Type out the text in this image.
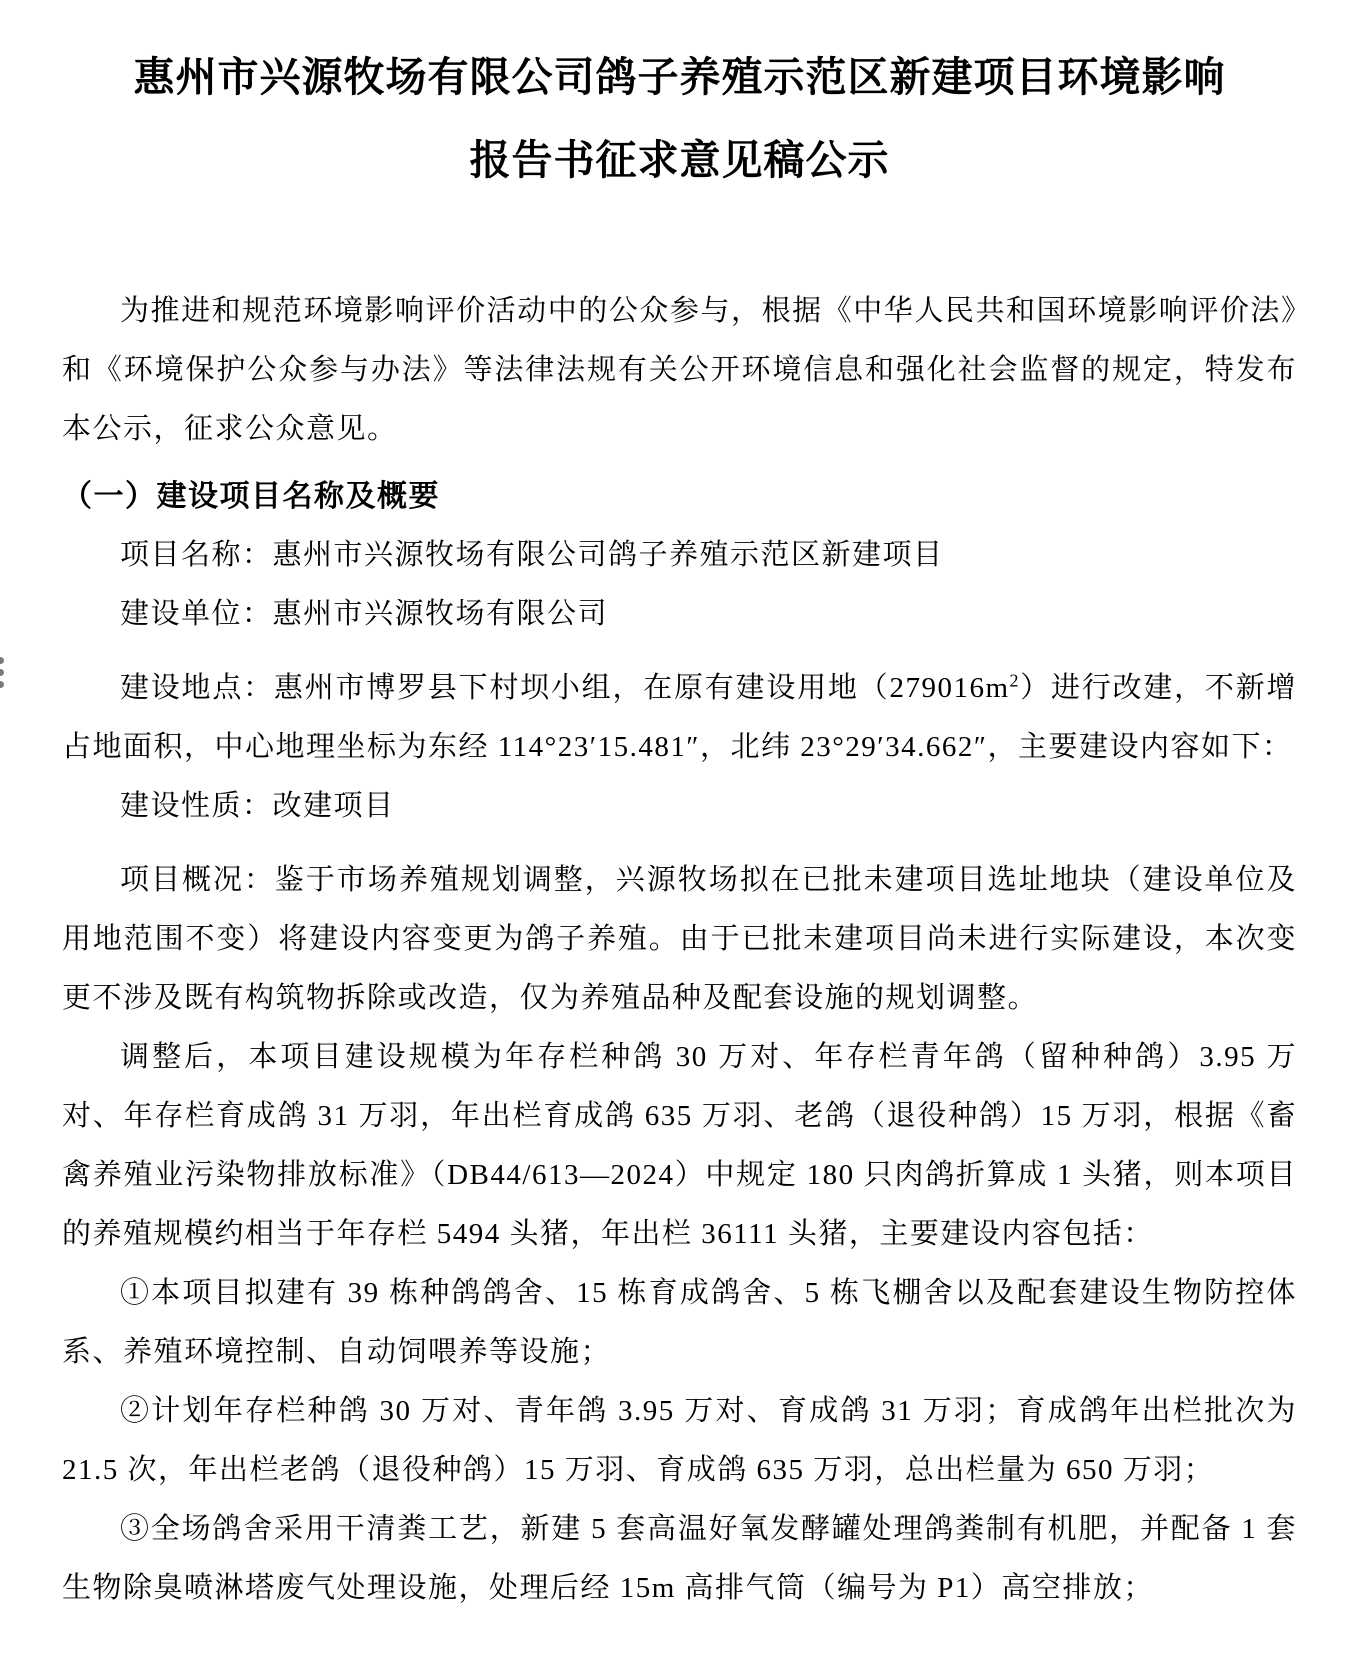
惠州市兴源牧场有限公司鸽子养殖示范区新建项目环境影响
报告书征求意见稿公示

为推进和规范环境影响评价活动中的公众参与，根据《中华人民共和国环境影响评价法》和《环境保护公众参与办法》等法律法规有关公开环境信息和强化社会监督的规定，特发布本公示，征求公众意见。

（一）建设项目名称及概要

项目名称：惠州市兴源牧场有限公司鸽子养殖示范区新建项目

建设单位：惠州市兴源牧场有限公司

建设地点：惠州市博罗县下村坝小组，在原有建设用地$(279016m^2)$进行改建，不新增占地面积，中心地理坐标为东经 114°23′15.481″，北纬 23°29′34.662″，主要建设内容如下：

建设性质：改建项目

项目概况：鉴于市场养殖规划调整，兴源牧场拟在已批未建项目选址地块（建设单位及用地范围不变）将建设内容变更为鸽子养殖。由于已批未建项目尚未进行实际建设，本次变更不涉及既有构筑物拆除或改造，仅为养殖品种及配套设施的规划调整。

调整后，本项目建设规模为年存栏种鸽 30 万对、年存栏青年鸽（留种种鸽）3.95 万对、年存栏育成鸽 31 万羽，年出栏育成鸽 635 万羽、老鸽（退役种鸽）15 万羽，根据《畜禽养殖业污染物排放标准》（DB44/613—2024）中规定 180 只肉鸽折算成 1 头猪，则本项目的养殖规模约相当于年存栏 5494 头猪，年出栏 36111 头猪，主要建设内容包括：

①本项目拟建有 39 栋种鸽鸽舍、15 栋育成鸽舍、5 栋飞棚舍以及配套建设生物防控体系、养殖环境控制、自动饲喂养等设施；

②计划年存栏种鸽 30 万对、青年鸽 3.95 万对、育成鸽 31 万羽；育成鸽年出栏批次为 21.5 次，年出栏老鸽（退役种鸽）15 万羽、育成鸽 635 万羽，总出栏量为 650 万羽；

③全场鸽舍采用干清粪工艺，新建 5 套高温好氧发酵罐处理鸽粪制有机肥，并配备 1 套生物除臭喷淋塔废气处理设施，处理后经 15m 高排气筒（编号为 P1）高空排放；
